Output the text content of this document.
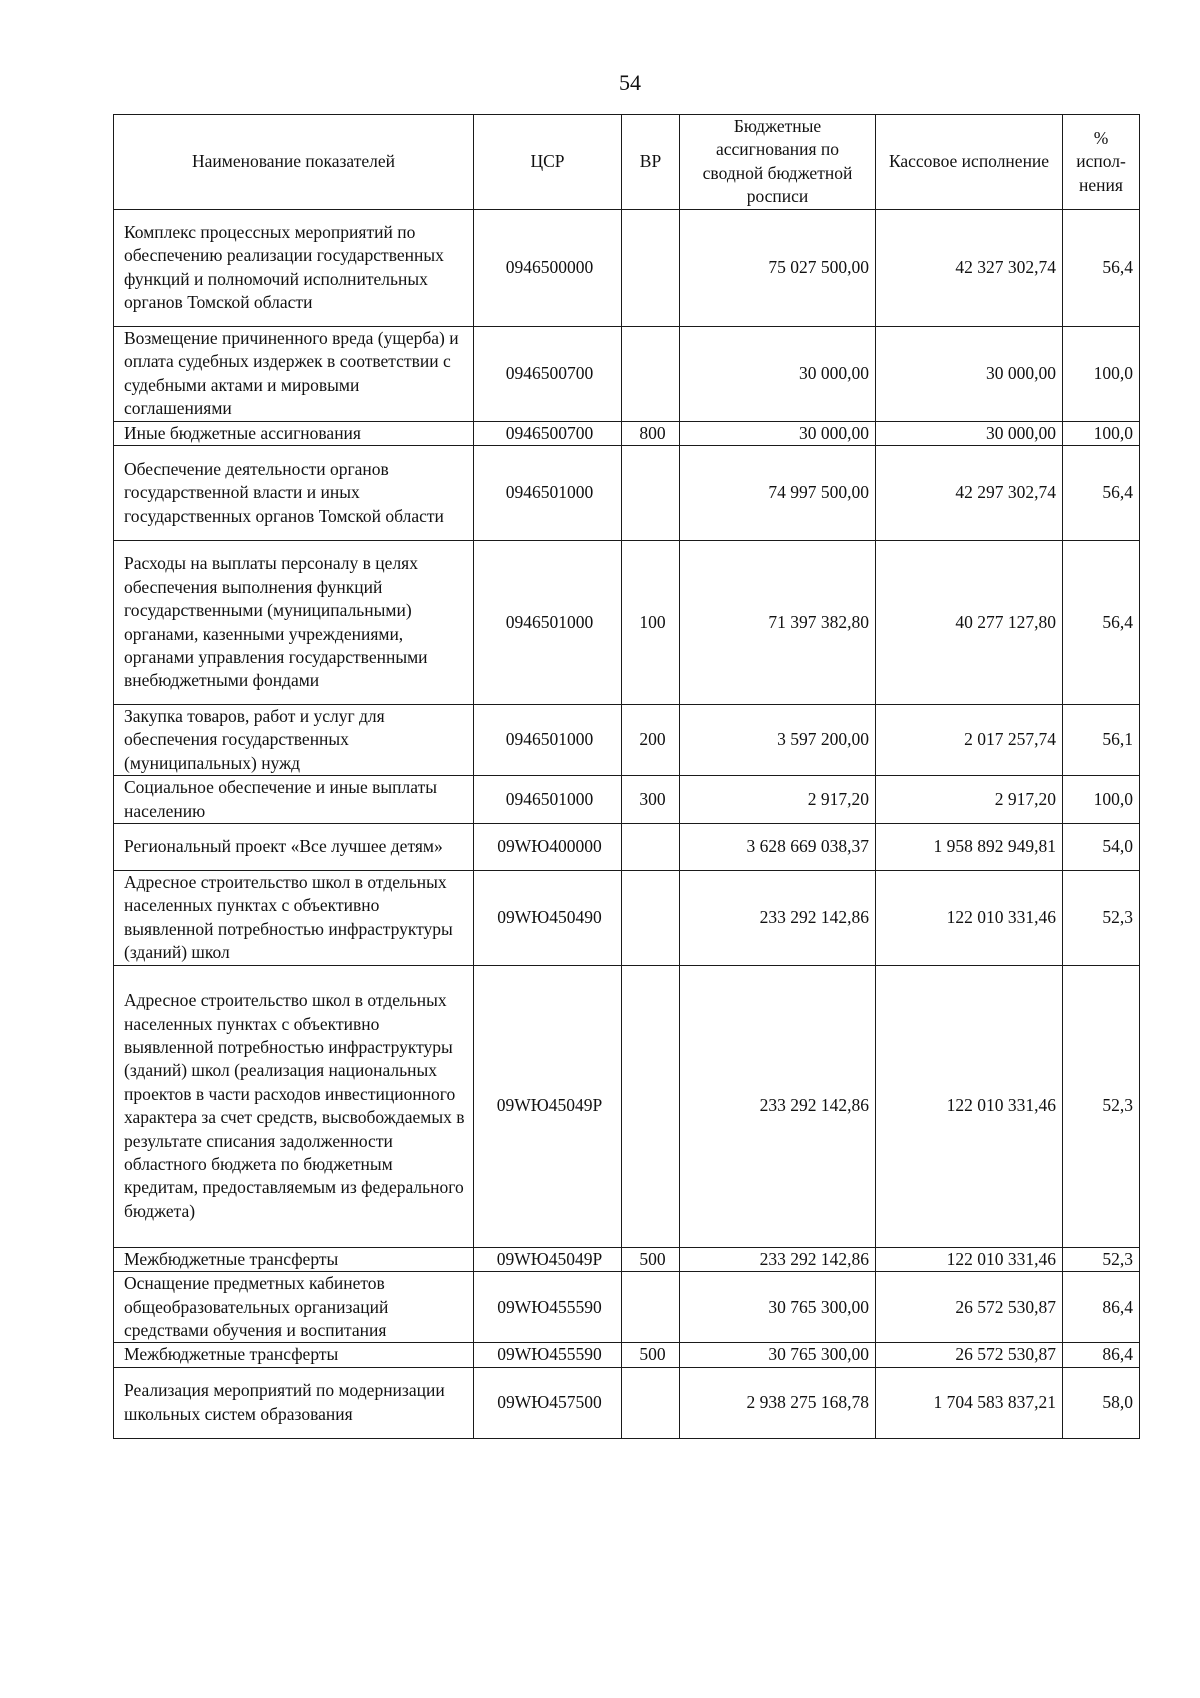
54
Наименование показателей	ЦСР	ВР	Бюджетные ассигнования по сводной бюджетной росписи	Кассовое исполнение	% испол-нения
Комплекс процессных мероприятий по обеспечению реализации государственных функций и полномочий исполнительных органов Томской области	0946500000		75 027 500,00	42 327 302,74	56,4
Возмещение причиненного вреда (ущерба) и оплата судебных издержек в соответствии с судебными актами и мировыми соглашениями	0946500700		30 000,00	30 000,00	100,0
Иные бюджетные ассигнования	0946500700	800	30 000,00	30 000,00	100,0
Обеспечение деятельности органов государственной власти и иных государственных органов Томской области	0946501000		74 997 500,00	42 297 302,74	56,4
Расходы на выплаты персоналу в целях обеспечения выполнения функций государственными (муниципальными) органами, казенными учреждениями, органами управления государственными внебюджетными фондами	0946501000	100	71 397 382,80	40 277 127,80	56,4
Закупка товаров, работ и услуг для обеспечения государственных (муниципальных) нужд	0946501000	200	3 597 200,00	2 017 257,74	56,1
Социальное обеспечение и иные выплаты населению	0946501000	300	2 917,20	2 917,20	100,0
Региональный проект «Все лучшее детям»	09WЮ400000		3 628 669 038,37	1 958 892 949,81	54,0
Адресное строительство школ в отдельных населенных пунктах с объективно выявленной потребностью инфраструктуры (зданий) школ	09WЮ450490		233 292 142,86	122 010 331,46	52,3
Адресное строительство школ в отдельных населенных пунктах с объективно выявленной потребностью инфраструктуры (зданий) школ (реализация национальных проектов в части расходов инвестиционного характера за счет средств, высвобождаемых в результате списания задолженности областного бюджета по бюджетным кредитам, предоставляемым из федерального бюджета)	09WЮ45049Р		233 292 142,86	122 010 331,46	52,3
Межбюджетные трансферты	09WЮ45049Р	500	233 292 142,86	122 010 331,46	52,3
Оснащение предметных кабинетов общеобразовательных организаций средствами обучения и воспитания	09WЮ455590		30 765 300,00	26 572 530,87	86,4
Межбюджетные трансферты	09WЮ455590	500	30 765 300,00	26 572 530,87	86,4
Реализация мероприятий по модернизации школьных систем образования	09WЮ457500		2 938 275 168,78	1 704 583 837,21	58,0
